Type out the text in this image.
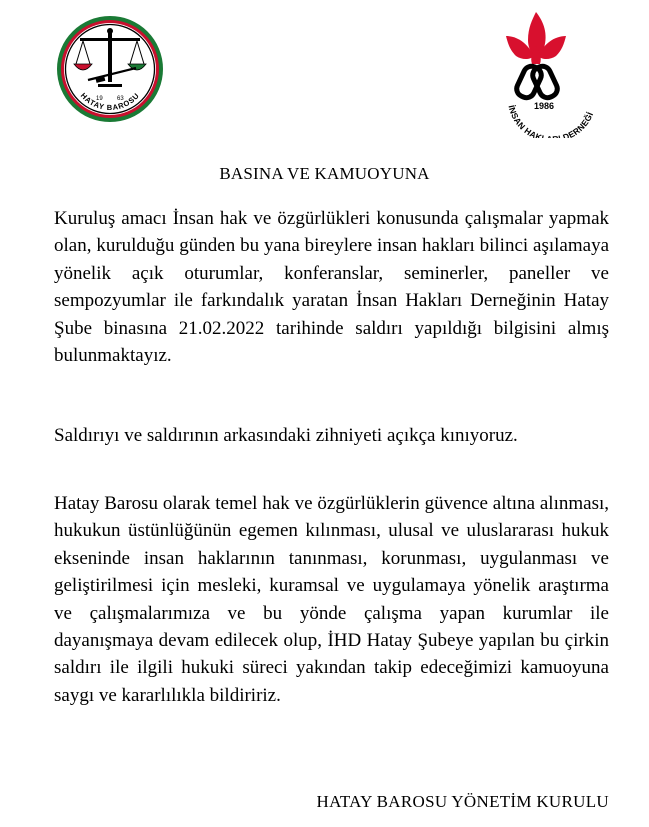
19 63
HATAY BAROSU
1986
İNSAN HAK DERNEĞİ
BASINA VE KAMUOYUNA

Kuruluş amacı İnsan hak ve özgürlükleri konusunda çalışmalar yapmak olan, kurulduğu günden bu yana bireylere insan hakları bilinci aşılamaya yönelik açık oturumlar, konferanslar, seminerler, paneller ve sempozyumlar ile farkındalık yaratan İnsan Hakları Derneğinin Hatay Şube binasına 21.02.2022 tarihinde saldırı yapıldığı bilgisini almış bulunmaktayız.

Saldırıyı ve saldırının arkasındaki zihniyeti açıkça kınıyoruz.

Hatay Barosu olarak temel hak ve özgürlüklerin güvence altına alınması, hukukun üstünlüğünün egemen kılınması, ulusal ve uluslararası hukuk ekseninde insan haklarının tanınması, korunması, uygulanması ve geliştirilmesi için mesleki, kuramsal ve uygulamaya yönelik araştırma ve çalışmalarımıza ve bu yönde çalışma yapan kurumlar ile dayanışmaya devam edilecek olup, İHD Hatay Şubeye yapılan bu çirkin saldırı ile ilgili hukuki süreci yakından takip edeceğimizi kamuoyuna saygı ve kararlılıkla bildiririz.

HATAY BAROSU YÖNETİM KURULU
